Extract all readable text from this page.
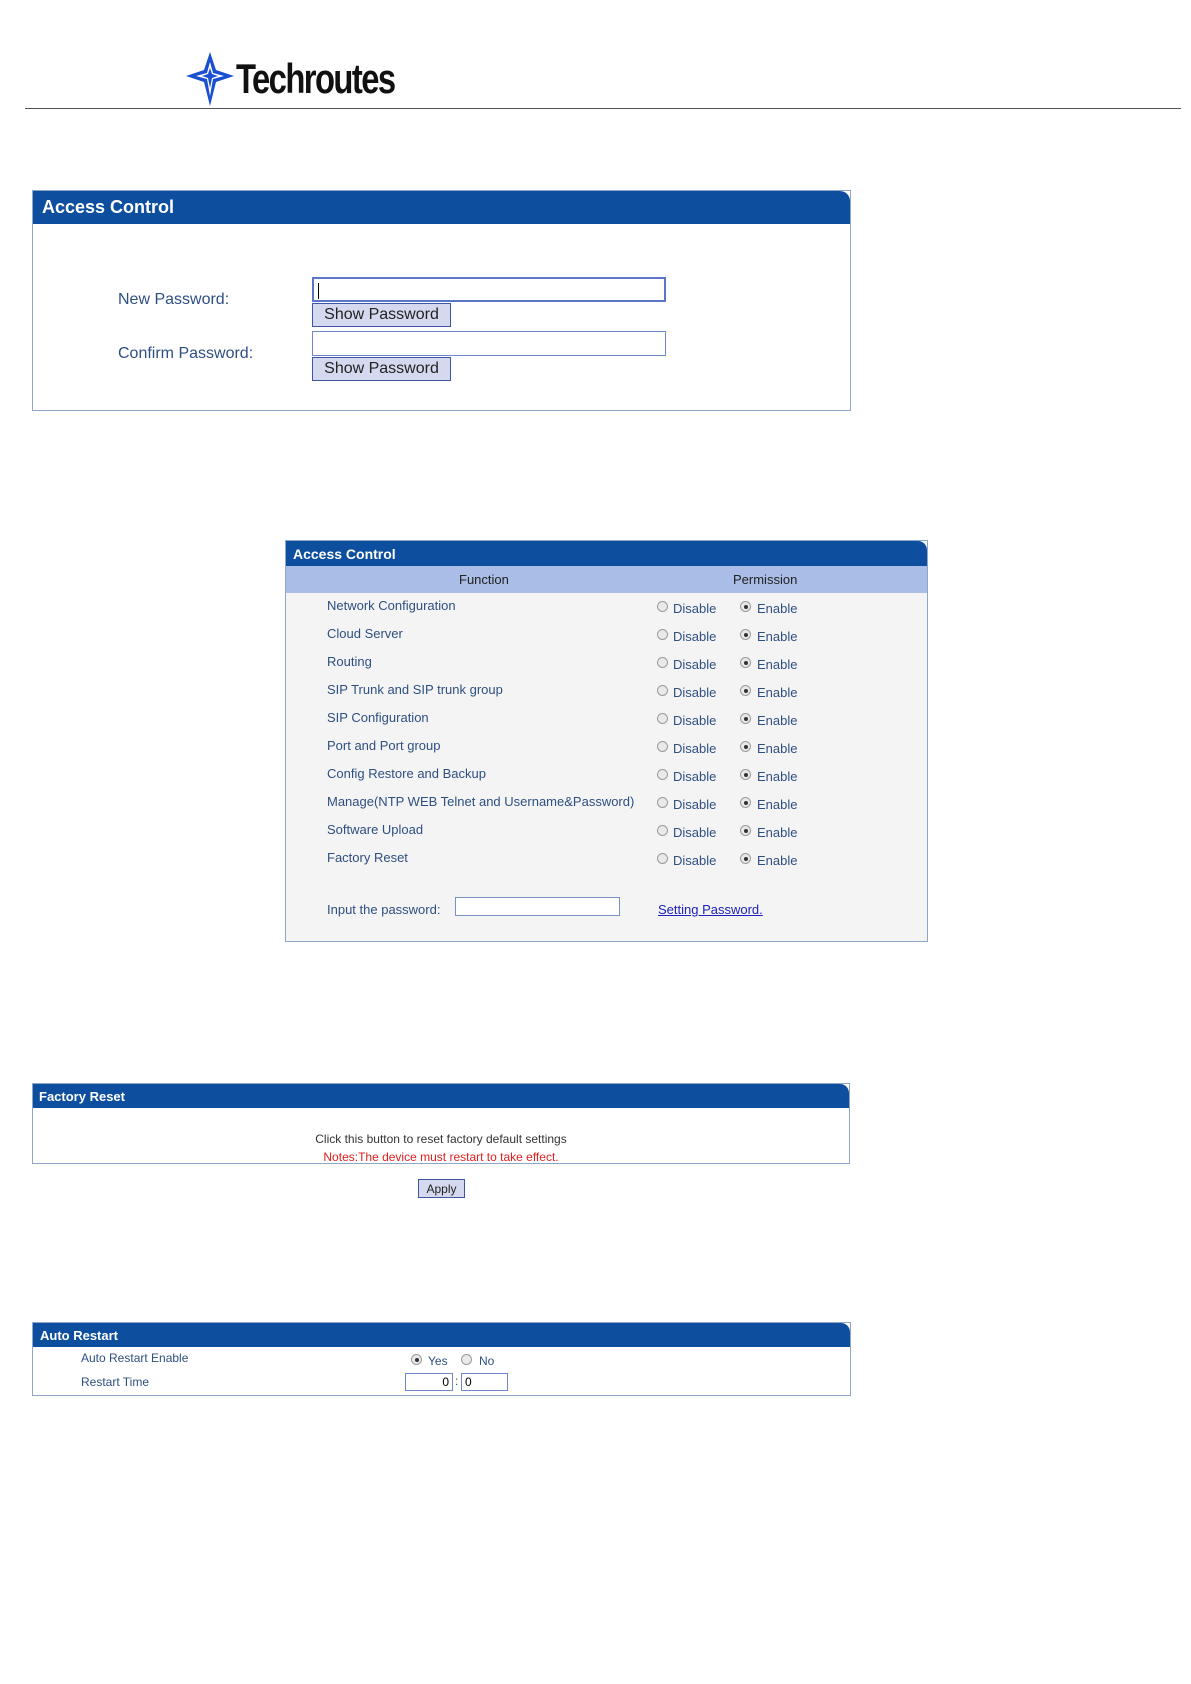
Techroutes
Access Control
New Password:
Show Password
Confirm Password:
Show Password
Access Control
Function	Permission
Network Configuration	Disable	Enable
Cloud Server	Disable	Enable
Routing	Disable	Enable
SIP Trunk and SIP trunk group	Disable	Enable
SIP Configuration	Disable	Enable
Port and Port group	Disable	Enable
Config Restore and Backup	Disable	Enable
Manage(NTP WEB Telnet and Username&Password)	Disable	Enable
Software Upload	Disable	Enable
Factory Reset	Disable	Enable
Input the password:	Setting Password.
Factory Reset
Click this button to reset factory default settings
Notes:The device must restart to take effect.
Apply
Auto Restart
Auto Restart Enable	Yes	No
Restart Time	0 : 0
